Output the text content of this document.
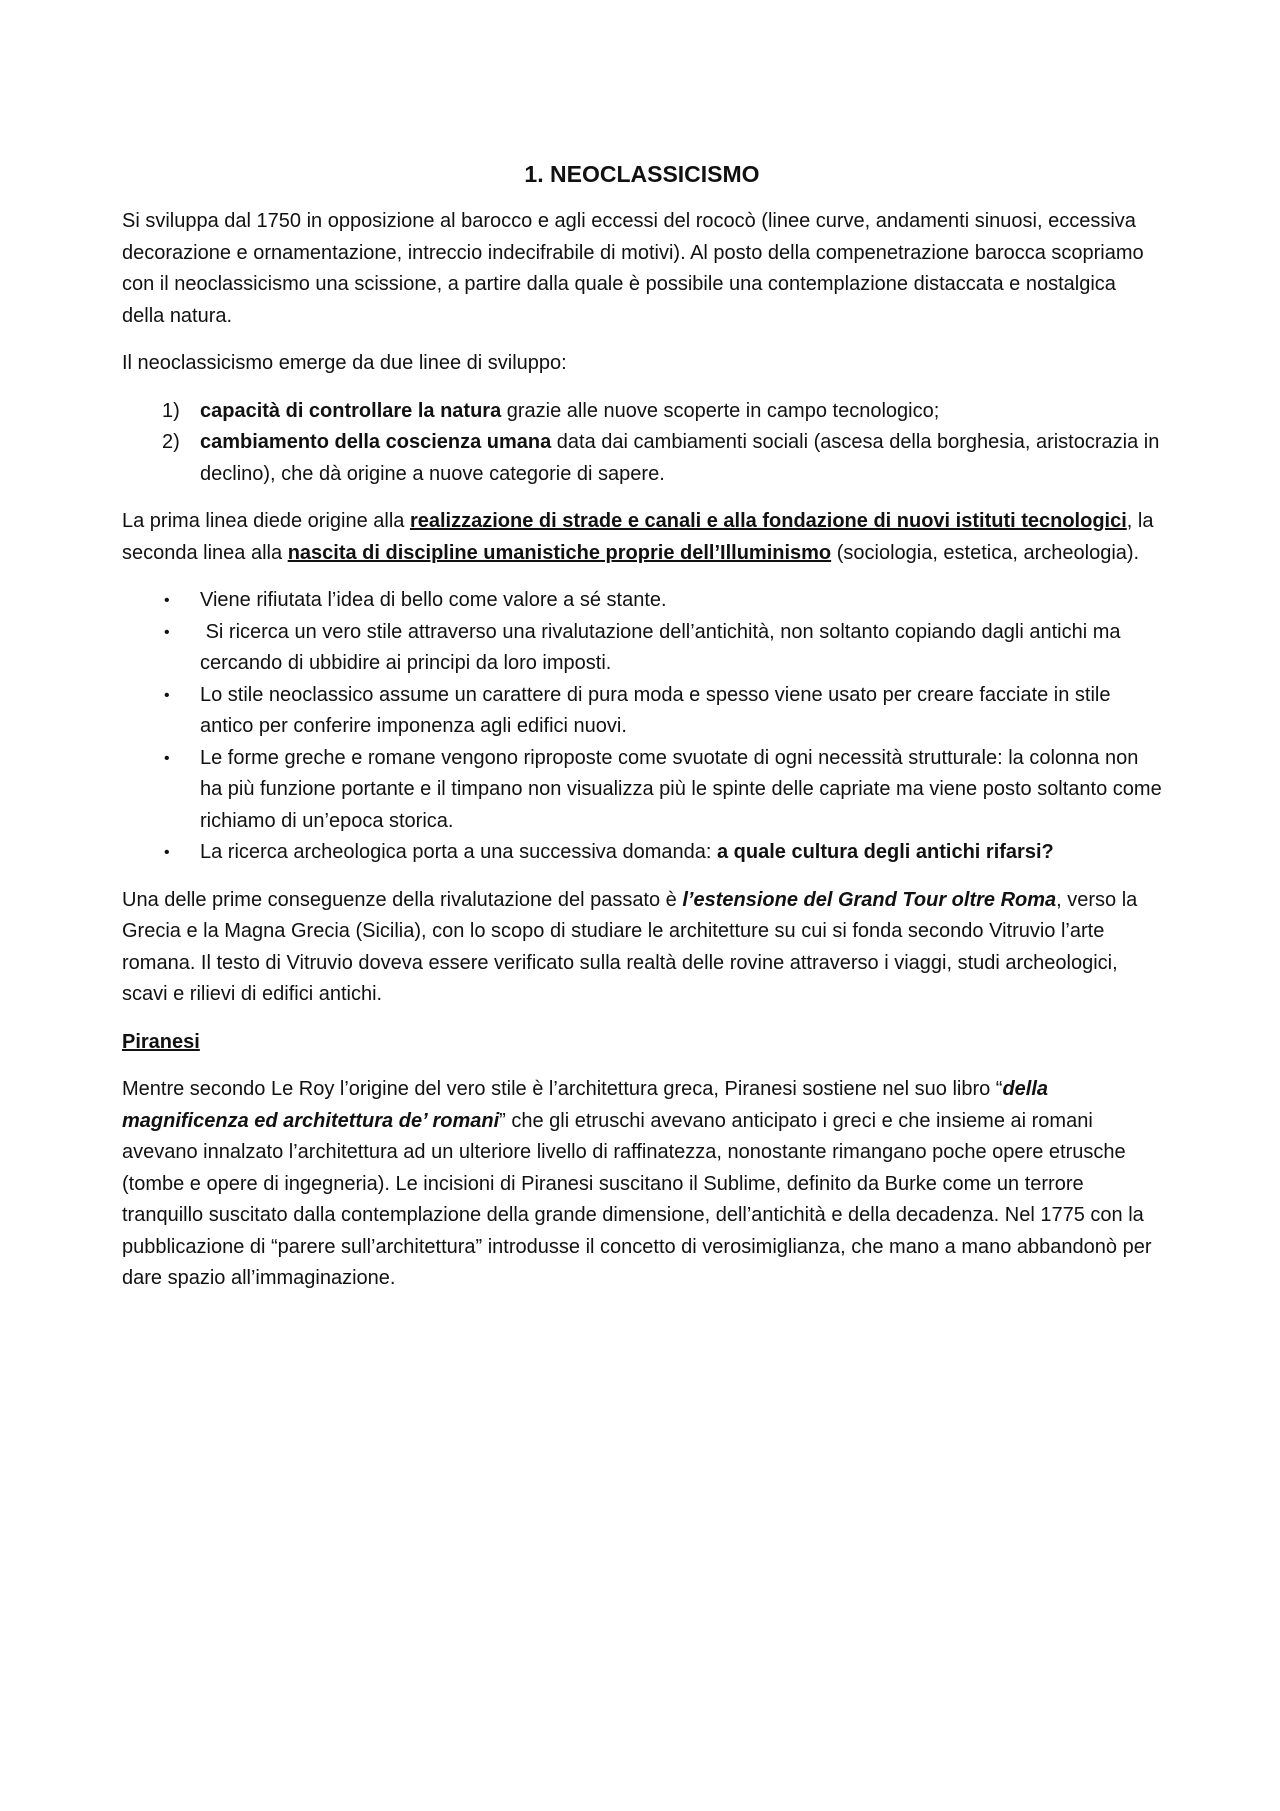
1. NEOCLASSICISMO

Si sviluppa dal 1750 in opposizione al barocco e agli eccessi del rococò (linee curve, andamenti sinuosi, eccessiva decorazione e ornamentazione, intreccio indecifrabile di motivi). Al posto della compenetrazione barocca scopriamo con il neoclassicismo una scissione, a partire dalla quale è possibile una contemplazione distaccata e nostalgica della natura.

Il neoclassicismo emerge da due linee di sviluppo:

1) capacità di controllare la natura grazie alle nuove scoperte in campo tecnologico;
2) cambiamento della coscienza umana data dai cambiamenti sociali (ascesa della borghesia, aristocrazia in declino), che dà origine a nuove categorie di sapere.

La prima linea diede origine alla realizzazione di strade e canali e alla fondazione di nuovi istituti tecnologici, la seconda linea alla nascita di discipline umanistiche proprie dell’Illuminismo (sociologia, estetica, archeologia).

• Viene rifiutata l’idea di bello come valore a sé stante.
• Si ricerca un vero stile attraverso una rivalutazione dell’antichità, non soltanto copiando dagli antichi ma cercando di ubbidire ai principi da loro imposti.
• Lo stile neoclassico assume un carattere di pura moda e spesso viene usato per creare facciate in stile antico per conferire imponenza agli edifici nuovi.
• Le forme greche e romane vengono riproposte come svuotate di ogni necessità strutturale: la colonna non ha più funzione portante e il timpano non visualizza più le spinte delle capriate ma viene posto soltanto come richiamo di un’epoca storica.
• La ricerca archeologica porta a una successiva domanda: a quale cultura degli antichi rifarsi?

Una delle prime conseguenze della rivalutazione del passato è l’estensione del Grand Tour oltre Roma, verso la Grecia e la Magna Grecia (Sicilia), con lo scopo di studiare le architetture su cui si fonda secondo Vitruvio l’arte romana. Il testo di Vitruvio doveva essere verificato sulla realtà delle rovine attraverso i viaggi, studi archeologici, scavi e rilievi di edifici antichi.

Piranesi

Mentre secondo Le Roy l’origine del vero stile è l’architettura greca, Piranesi sostiene nel suo libro “della magnificenza ed architettura de’ romani” che gli etruschi avevano anticipato i greci e che insieme ai romani avevano innalzato l’architettura ad un ulteriore livello di raffinatezza, nonostante rimangano poche opere etrusche (tombe e opere di ingegneria). Le incisioni di Piranesi suscitano il Sublime, definito da Burke come un terrore tranquillo suscitato dalla contemplazione della grande dimensione, dell’antichità e della decadenza. Nel 1775 con la pubblicazione di “parere sull’architettura” introdusse il concetto di verosimiglianza, che mano a mano abbandonò per dare spazio all’immaginazione.
